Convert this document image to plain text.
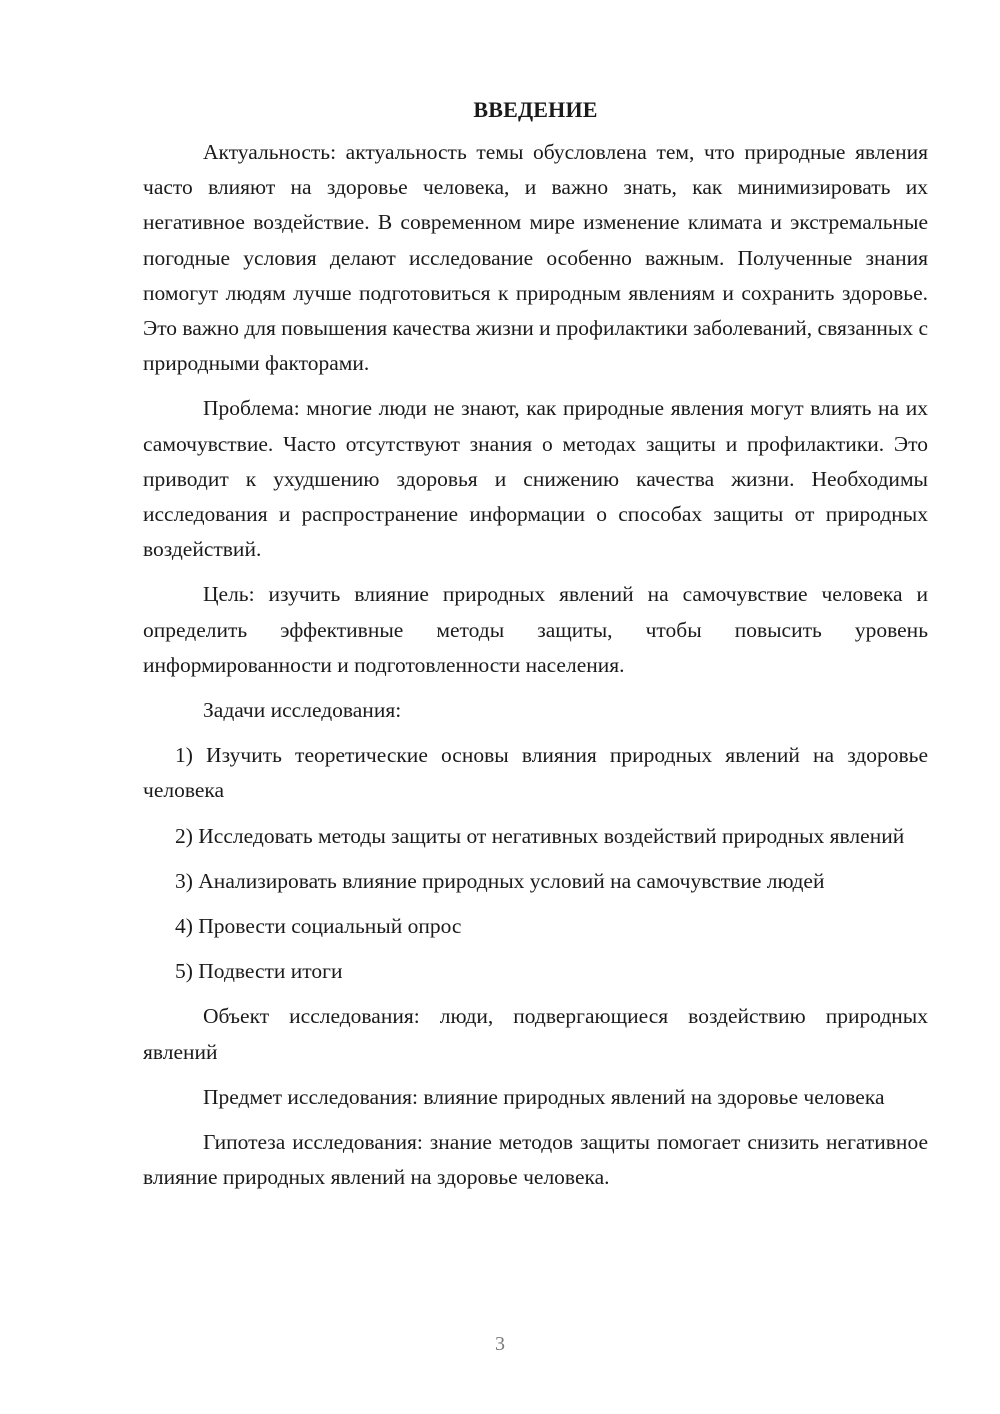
ВВЕДЕНИЕ

Актуальность: актуальность темы обусловлена тем, что природные явления часто влияют на здоровье человека, и важно знать, как минимизировать их негативное воздействие. В современном мире изменение климата и экстремальные погодные условия делают исследование особенно важным. Полученные знания помогут людям лучше подготовиться к природным явлениям и сохранить здоровье. Это важно для повышения качества жизни и профилактики заболеваний, связанных с природными факторами.

Проблема: многие люди не знают, как природные явления могут влиять на их самочувствие. Часто отсутствуют знания о методах защиты и профилактики. Это приводит к ухудшению здоровья и снижению качества жизни. Необходимы исследования и распространение информации о способах защиты от природных воздействий.

Цель: изучить влияние природных явлений на самочувствие человека и определить эффективные методы защиты, чтобы повысить уровень информированности и подготовленности населения.

Задачи исследования:

1) Изучить теоретические основы влияния природных явлений на здоровье человека

2) Исследовать методы защиты от негативных воздействий природных явлений

3) Анализировать влияние природных условий на самочувствие людей

4) Провести социальный опрос

5) Подвести итоги

Объект исследования: люди, подвергающиеся воздействию природных явлений

Предмет исследования: влияние природных явлений на здоровье человека

Гипотеза исследования: знание методов защиты помогает снизить негативное влияние природных явлений на здоровье человека.

3
